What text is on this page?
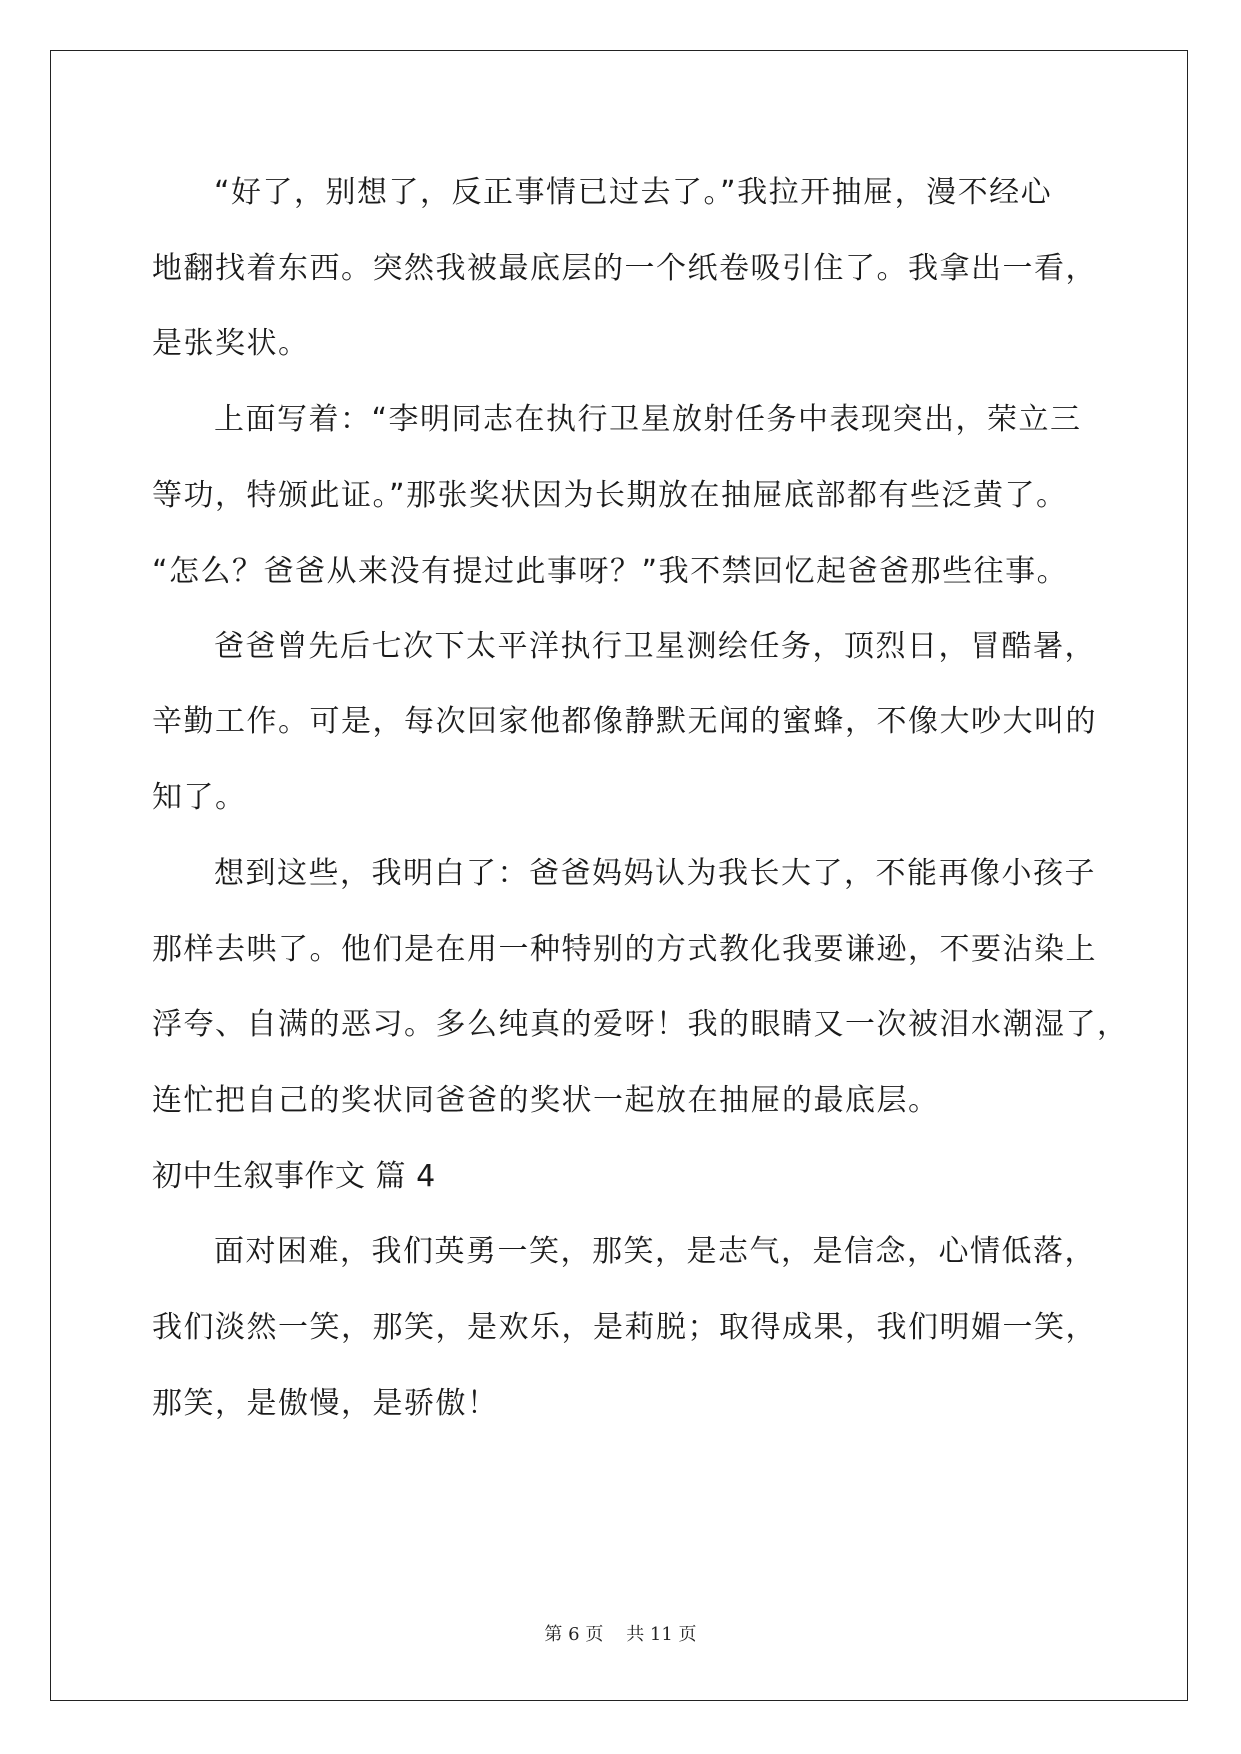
“好了，别想了，反正事情已过去了。”我拉开抽屉，漫不经心
地翻找着东西。突然我被最底层的一个纸卷吸引住了。我拿出一看，
是张奖状。
上面写着：“李明同志在执行卫星放射任务中表现突出，荣立三
等功，特颁此证。”那张奖状因为长期放在抽屉底部都有些泛黄了。
“怎么？爸爸从来没有提过此事呀？”我不禁回忆起爸爸那些往事。
爸爸曾先后七次下太平洋执行卫星测绘任务，顶烈日，冒酷暑，
辛勤工作。可是，每次回家他都像静默无闻的蜜蜂，不像大吵大叫的
知了。
想到这些，我明白了：爸爸妈妈认为我长大了，不能再像小孩子
那样去哄了。他们是在用一种特别的方式教化我要谦逊，不要沾染上
浮夸、自满的恶习。多么纯真的爱呀！我的眼睛又一次被泪水潮湿了，
连忙把自己的奖状同爸爸的奖状一起放在抽屉的最底层。
初中生叙事作文 篇 4
面对困难，我们英勇一笑，那笑，是志气，是信念，心情低落，
我们淡然一笑，那笑，是欢乐，是莉脱；取得成果，我们明媚一笑，
那笑，是傲慢，是骄傲！
第 6 页    共 11 页
